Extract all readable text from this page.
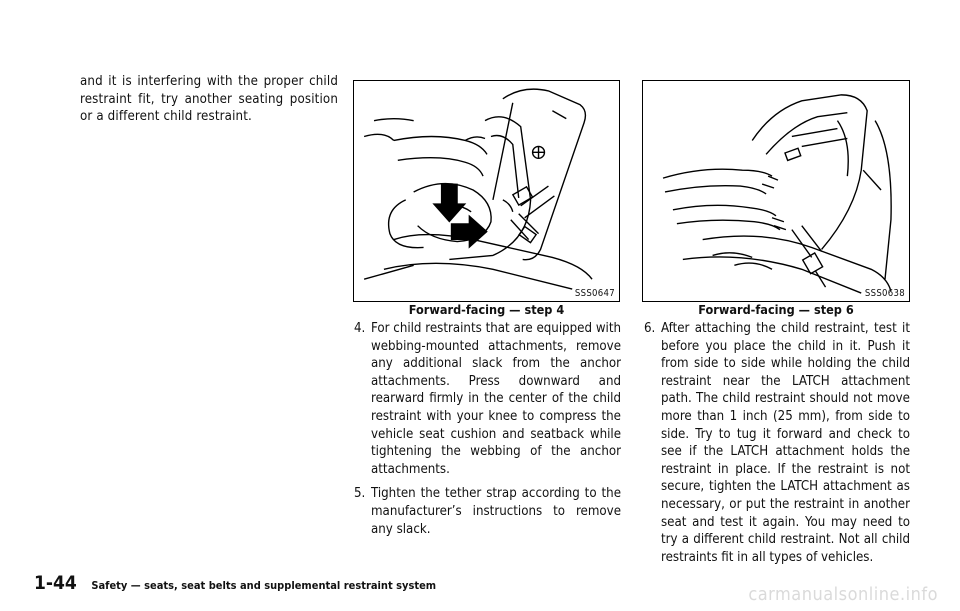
and it is interfering with the proper child restraint fit, try another seating position or a different child restraint.
SSS0647
Forward-facing — step 4
SSS0638
Forward-facing — step 6
4. For child restraints that are equipped with webbing-mounted attachments, remove any additional slack from the anchor attachments. Press downward and rearward firmly in the center of the child restraint with your knee to compress the vehicle seat cushion and seatback while tightening the webbing of the anchor attachments.
5. Tighten the tether strap according to the manufacturer’s instructions to remove any slack.
6. After attaching the child restraint, test it before you place the child in it. Push it from side to side while holding the child restraint near the LATCH attachment path. The child restraint should not move more than 1 inch (25 mm), from side to side. Try to tug it forward and check to see if the LATCH attachment holds the restraint in place. If the restraint is not secure, tighten the LATCH attachment as necessary, or put the restraint in another seat and test it again. You may need to try a different child restraint. Not all child restraints fit in all types of vehicles.
1-44 Safety — seats, seat belts and supplemental restraint system	carmanualsonline.info
